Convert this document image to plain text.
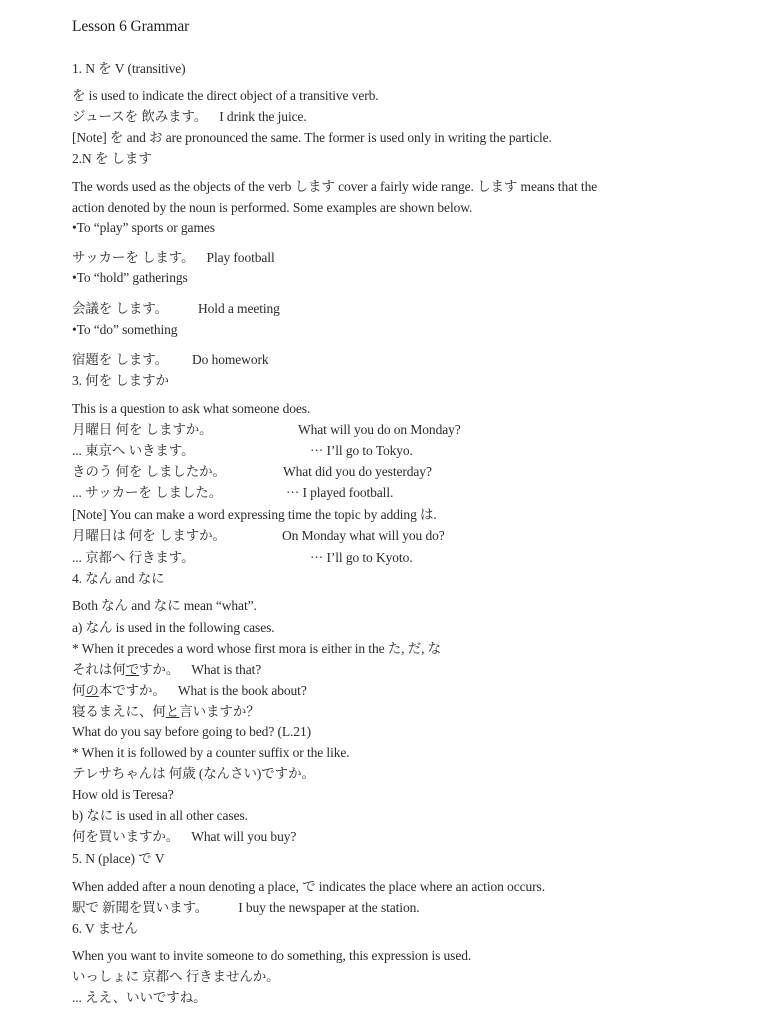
Lesson 6 Grammar
1. N を V (transitive)
を is used to indicate the direct object of a transitive verb.
ジュースを 飲みます。 I drink the juice.
[Note] を and お are pronounced the same. The former is used only in writing the particle.
2.N を します
The words used as the objects of the verb します cover a fairly wide range. します means that the
action denoted by the noun is performed. Some examples are shown below.
•To “play” sports or games
サッカーを します。 Play football
•To “hold” gatherings
会議を します。 Hold a meeting
•To “do” something
宿題を します。 Do homework
3. 何を しますか
This is a question to ask what someone does.
月曜日 何を しますか。	What will you do on Monday?
... 東京へ いきます。	··· I’ll go to Tokyo.
きのう 何を しましたか。	What did you do yesterday?
... サッカーを しました。	··· I played football.
[Note] You can make a word expressing time the topic by adding は.
月曜日は 何を しますか。	On Monday what will you do?
... 京都へ 行きます。	··· I’ll go to Kyoto.
4. なん and なに
Both なん and なに mean “what”.
a) なん is used in the following cases.
* When it precedes a word whose first mora is either in the た, だ, な
それは何ですか。 What is that?
何の本ですか。 What is the book about?
寝るまえに、何と言いますか？
What do you say before going to bed? (L.21)
* When it is followed by a counter suffix or the like.
テレサちゃんは 何歳 (なんさい)ですか。
How old is Teresa?
b) なに is used in all other cases.
何を買いますか。 What will you buy?
5. N (place) で V
When added after a noun denoting a place, で indicates the place where an action occurs.
駅で 新聞を買います。 I buy the newspaper at the station.
6. V ません
When you want to invite someone to do something, this expression is used.
いっしょに 京都へ 行きませんか。
... ええ、いいですね。
